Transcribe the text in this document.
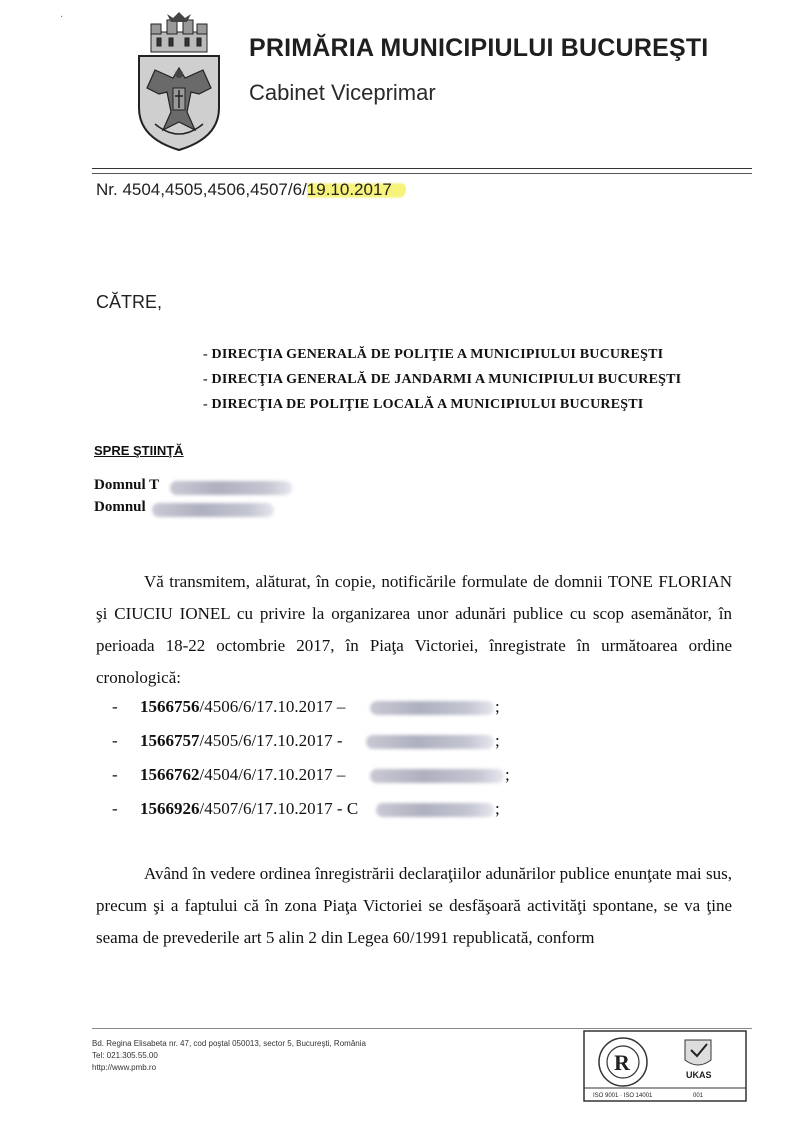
·
PRIMĂRIA MUNICIPIULUI BUCUREŞTI
Cabinet Viceprimar
Nr. 4504,4505,4506,4507/6/19.10.2017
CĂTRE,
- DIRECŢIA GENERALĂ DE POLIŢIE A MUNICIPIULUI BUCUREŞTI
- DIRECŢIA GENERALĂ DE JANDARMI A MUNICIPIULUI BUCUREŞTI
- DIRECŢIA DE POLIŢIE LOCALĂ A MUNICIPIULUI BUCUREŞTI
SPRE ŞTIINŢĂ
Domnul T
Domnul
Vă transmitem, alăturat, în copie, notificările formulate de domnii TONE FLORIAN şi CIUCIU IONEL cu privire la organizarea unor adunări publice cu scop asemănător, în perioada 18-22 octombrie 2017, în Piaţa Victoriei, înregistrate în următoarea ordine cronologică:
- 1566756/4506/6/17.10.2017 –	;
- 1566757/4505/6/17.10.2017 -	;
- 1566762/4504/6/17.10.2017 –	;
- 1566926/4507/6/17.10.2017 - C	;
Având în vedere ordinea înregistrării declaraţiilor adunărilor publice enunţate mai sus, precum şi a faptului că în zona Piaţa Victoriei se desfăşoară activităţi spontane, se va ţine seama de prevederile art 5 alin 2 din Legea 60/1991 republicată, conform
Bd. Regina Elisabeta nr. 47, cod poştal 050013, sector 5, Bucureşti, România
Tel: 021.305.55.00
http://www.pmb.ro	R	UKAS
ISO 9001 · ISO 14001	001
